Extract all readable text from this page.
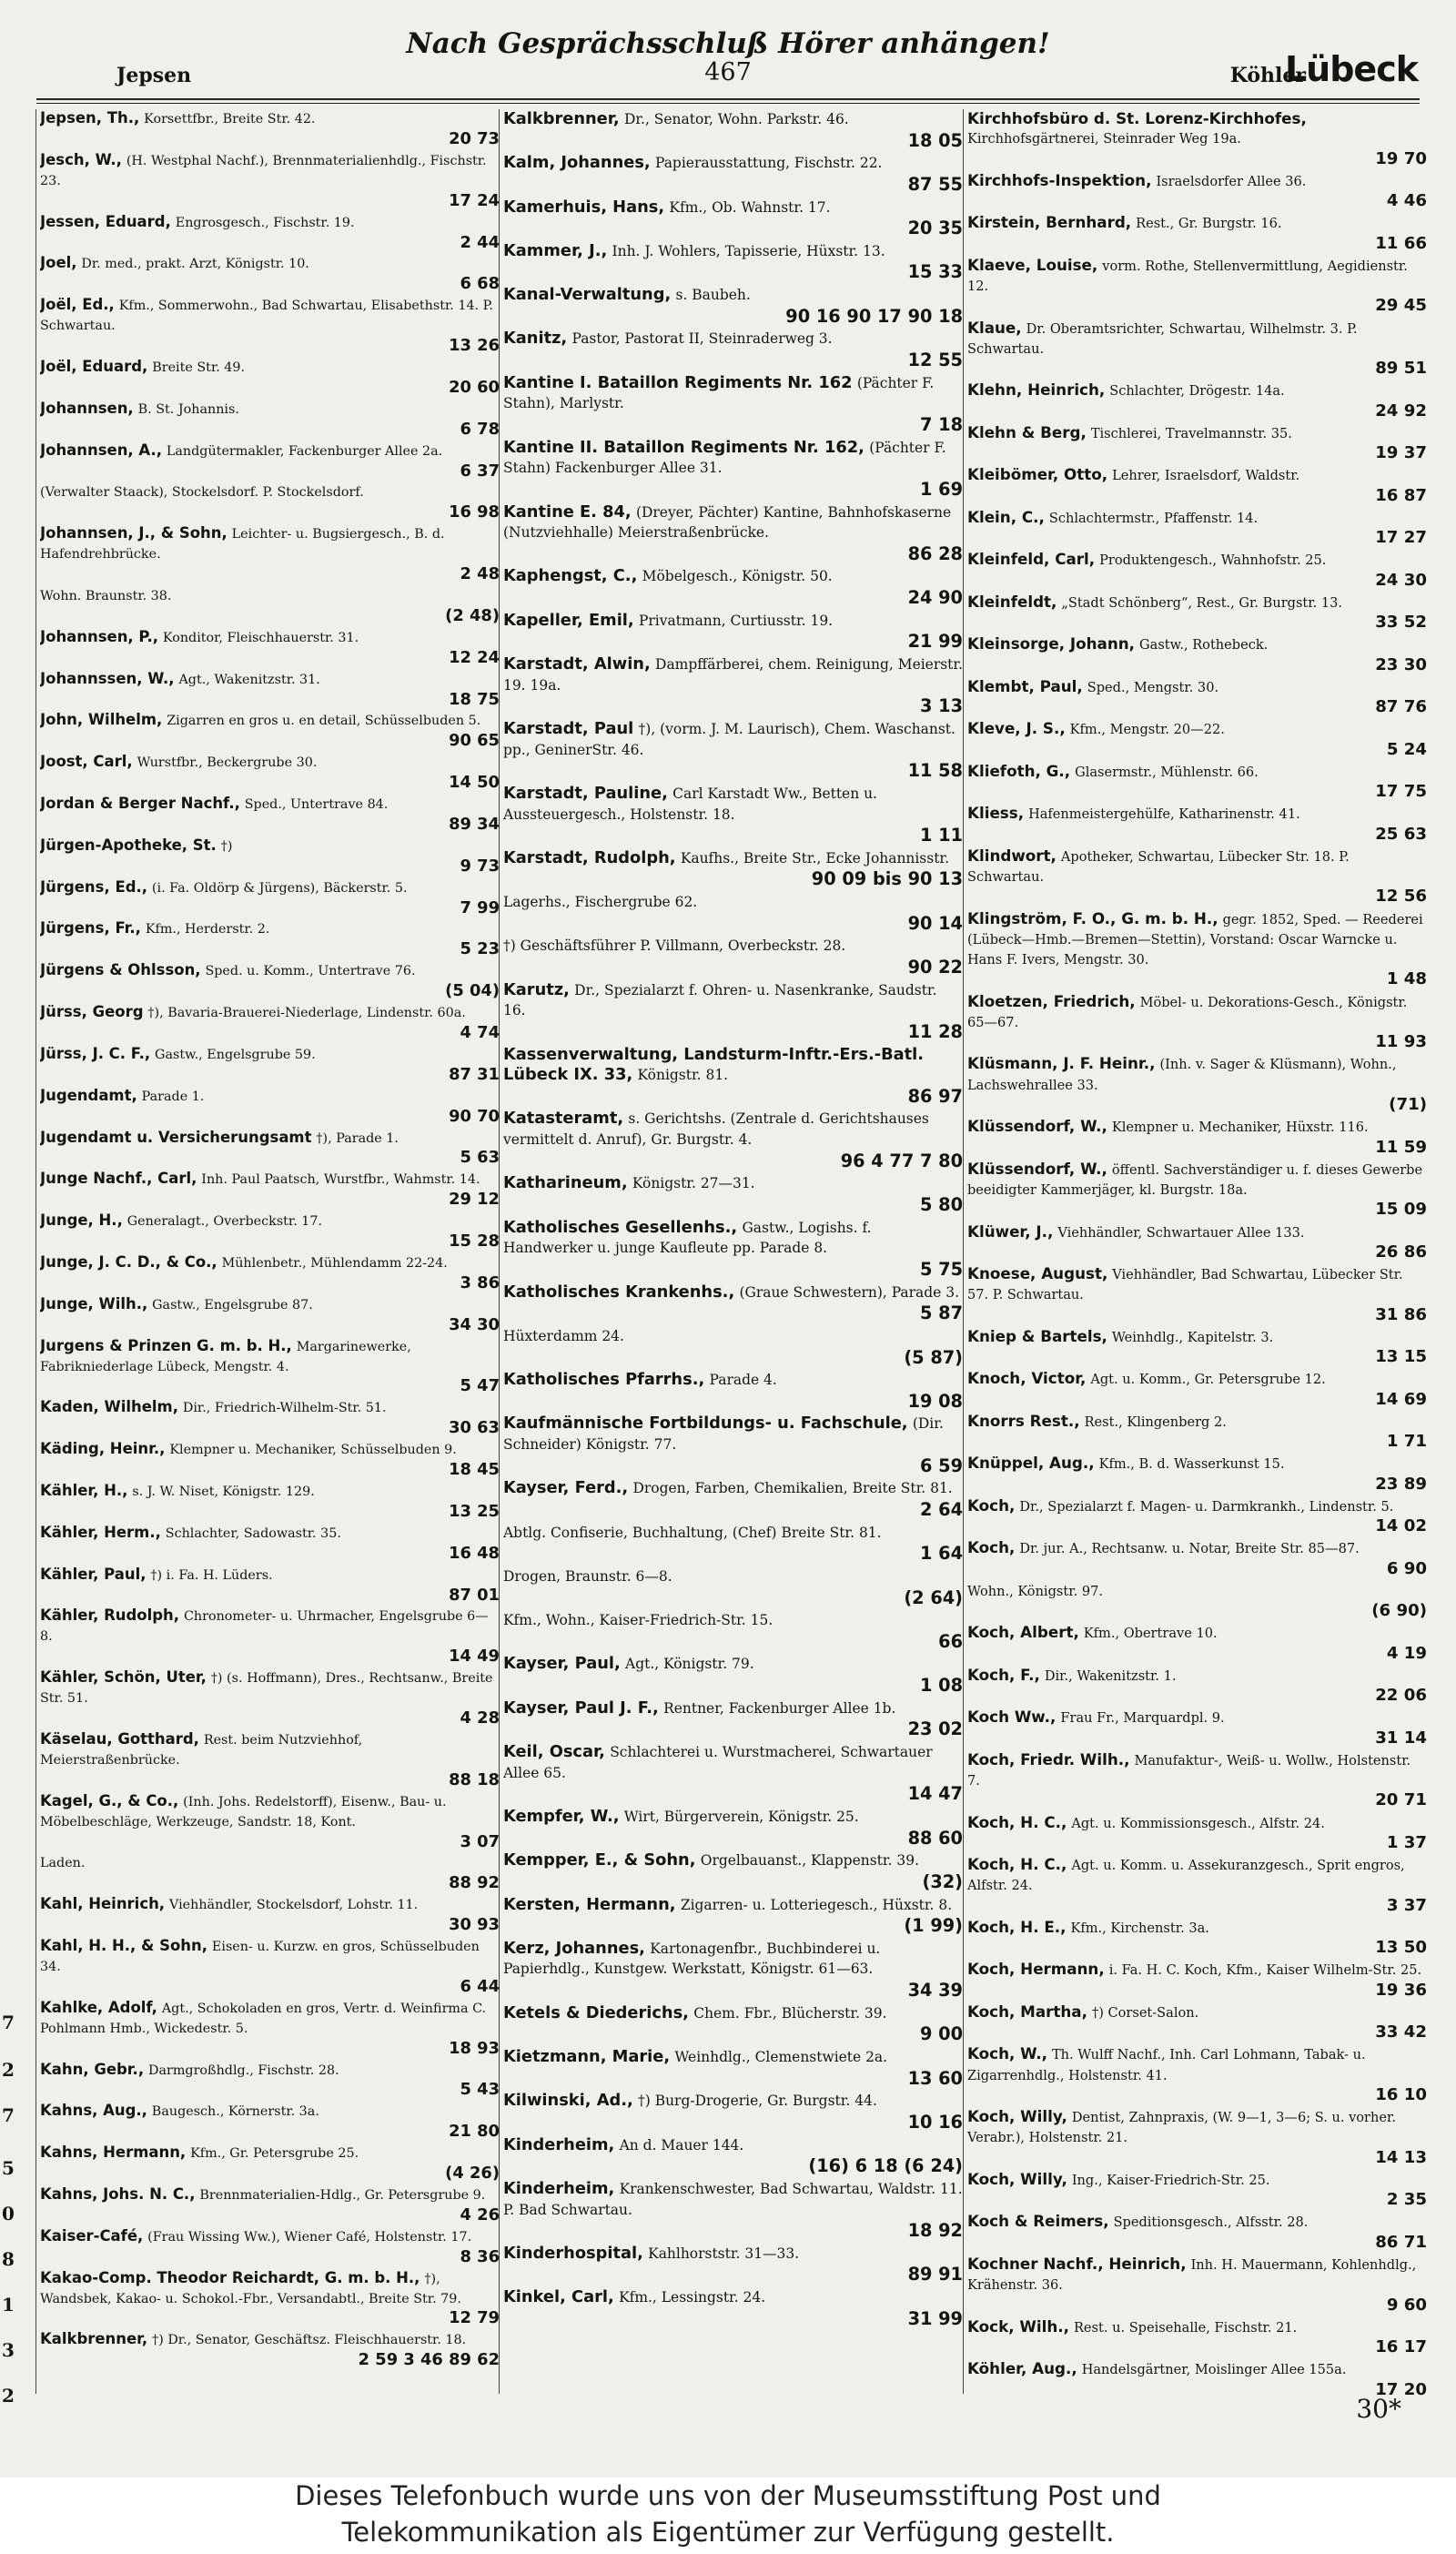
Nach Gesprächsschluß Hörer anhängen!
Jepsen	467	Köhler
Lübeck
Jepsen, Th., Korsettfbr., Breite Str. 42.
20 73
Jesch, W., (H. Westphal Nachf.), Brennmaterialienhdlg., Fischstr. 23.
17 24
Jessen, Eduard, Engrosgesch., Fischstr. 19.
2 44
Joel, Dr. med., prakt. Arzt, Königstr. 10.
6 68
Joël, Ed., Kfm., Sommerwohn., Bad Schwartau, Elisabethstr. 14. P. Schwartau.
13 26
Joël, Eduard, Breite Str. 49.
20 60
Johannsen, B. St. Johannis.
6 78
Johannsen, A., Landgütermakler, Fackenburger Allee 2a.
6 37
(Verwalter Staack), Stockelsdorf. P. Stockelsdorf.
16 98
Johannsen, J., & Sohn, Leichter- u. Bugsiergesch., B. d. Hafendrehbrücke.
2 48
Wohn. Braunstr. 38.
(2 48)
Johannsen, P., Konditor, Fleischhauerstr. 31.
12 24
Johannssen, W., Agt., Wakenitzstr. 31.
18 75
John, Wilhelm, Zigarren en gros u. en detail, Schüsselbuden 5.
90 65
Joost, Carl, Wurstfbr., Beckergrube 30.
14 50
Jordan & Berger Nachf., Sped., Untertrave 84.
89 34
Jürgen-Apotheke, St. †)
9 73
Jürgens, Ed., (i. Fa. Oldörp & Jürgens), Bäckerstr. 5.
7 99
Jürgens, Fr., Kfm., Herderstr. 2.
5 23
Jürgens & Ohlsson, Sped. u. Komm., Untertrave 76.
(5 04)
Jürss, Georg †), Bavaria-Brauerei-Niederlage, Lindenstr. 60a.
4 74
Jürss, J. C. F., Gastw., Engelsgrube 59.
87 31
Jugendamt, Parade 1.
90 70
Jugendamt u. Versicherungsamt †), Parade 1.
5 63
Junge Nachf., Carl, Inh. Paul Paatsch, Wurstfbr., Wahmstr. 14.
29 12
Junge, H., Generalagt., Overbeckstr. 17.
15 28
Junge, J. C. D., & Co., Mühlenbetr., Mühlendamm 22-24.
3 86
Junge, Wilh., Gastw., Engelsgrube 87.
34 30
Jurgens & Prinzen G. m. b. H., Margarinewerke, Fabrikniederlage Lübeck, Mengstr. 4.
5 47
Kaden, Wilhelm, Dir., Friedrich-Wilhelm-Str. 51.
30 63
Käding, Heinr., Klempner u. Mechaniker, Schüsselbuden 9.
18 45
Kähler, H., s. J. W. Niset, Königstr. 129.
13 25
Kähler, Herm., Schlachter, Sadowastr. 35.
16 48
Kähler, Paul, †) i. Fa. H. Lüders.
87 01
Kähler, Rudolph, Chronometer- u. Uhrmacher, Engelsgrube 6—8.
14 49
Kähler, Schön, Uter, †) (s. Hoffmann), Dres., Rechtsanw., Breite Str. 51.
4 28
Käselau, Gotthard, Rest. beim Nutzviehhof, Meierstraßenbrücke.
88 18
Kagel, G., & Co., (Inh. Johs. Redelstorff), Eisenw., Bau- u. Möbelbeschläge, Werkzeuge, Sandstr. 18, Kont.
3 07
Laden.
88 92
Kahl, Heinrich, Viehhändler, Stockelsdorf, Lohstr. 11.
30 93
Kahl, H. H., & Sohn, Eisen- u. Kurzw. en gros, Schüsselbuden 34.
6 44
Kahlke, Adolf, Agt., Schokoladen en gros, Vertr. d. Weinfirma C. Pohlmann Hmb., Wickedestr. 5.
18 93
Kahn, Gebr., Darmgroßhdlg., Fischstr. 28.
5 43
Kahns, Aug., Baugesch., Körnerstr. 3a.
21 80
Kahns, Hermann, Kfm., Gr. Petersgrube 25.
(4 26)
Kahns, Johs. N. C., Brennmaterialien-Hdlg., Gr. Petersgrube 9.
4 26
Kaiser-Café, (Frau Wissing Ww.), Wiener Café, Holstenstr. 17.
8 36
Kakao-Comp. Theodor Reichardt, G. m. b. H., †), Wandsbek, Kakao- u. Schokol.-Fbr., Versandabtl., Breite Str. 79.
12 79
Kalkbrenner, †) Dr., Senator, Geschäftsz. Fleischhauerstr. 18.
2 59 3 46 89 62
Kalkbrenner, Dr., Senator, Wohn. Parkstr. 46.
18 05
Kalm, Johannes, Papierausstattung, Fischstr. 22.
87 55
Kamerhuis, Hans, Kfm., Ob. Wahnstr. 17.
20 35
Kammer, J., Inh. J. Wohlers, Tapisserie, Hüxstr. 13.
15 33
Kanal-Verwaltung, s. Baubeh.
90 16 90 17 90 18
Kanitz, Pastor, Pastorat II, Steinraderweg 3.
12 55
Kantine I. Bataillon Regiments Nr. 162 (Pächter F. Stahn), Marlystr.
7 18
Kantine II. Bataillon Regiments Nr. 162, (Pächter F. Stahn) Fackenburger Allee 31.
1 69
Kantine E. 84, (Dreyer, Pächter) Kantine, Bahnhofskaserne (Nutzviehhalle) Meierstraßenbrücke.
86 28
Kaphengst, C., Möbelgesch., Königstr. 50.
24 90
Kapeller, Emil, Privatmann, Curtiusstr. 19.
21 99
Karstadt, Alwin, Dampffärberei, chem. Reinigung, Meierstr. 19. 19a.
3 13
Karstadt, Paul †), (vorm. J. M. Laurisch), Chem. Waschanst. pp., GeninerStr. 46.
11 58
Karstadt, Pauline, Carl Karstadt Ww., Betten u. Aussteuergesch., Holstenstr. 18.
1 11
Karstadt, Rudolph, Kaufhs., Breite Str., Ecke Johannisstr.
90 09 bis 90 13
Lagerhs., Fischergrube 62.
90 14
†) Geschäftsführer P. Villmann, Overbeckstr. 28.
90 22
Karutz, Dr., Spezialarzt f. Ohren- u. Nasenkranke, Saudstr. 16.
11 28
Kassenverwaltung, Landsturm-Inftr.-Ers.-Batl. Lübeck IX. 33, Königstr. 81.
86 97
Katasteramt, s. Gerichtshs. (Zentrale d. Gerichtshauses vermittelt d. Anruf), Gr. Burgstr. 4.
96 4 77 7 80
Katharineum, Königstr. 27—31.
5 80
Katholisches Gesellenhs., Gastw., Logishs. f. Handwerker u. junge Kaufleute pp. Parade 8.
5 75
Katholisches Krankenhs., (Graue Schwestern), Parade 3.
5 87
Hüxterdamm 24.
(5 87)
Katholisches Pfarrhs., Parade 4.
19 08
Kaufmännische Fortbildungs- u. Fachschule, (Dir. Schneider) Königstr. 77.
6 59
Kayser, Ferd., Drogen, Farben, Chemikalien, Breite Str. 81.
2 64
Abtlg. Confiserie, Buchhaltung, (Chef) Breite Str. 81.
1 64
Drogen, Braunstr. 6—8.
(2 64)
Kfm., Wohn., Kaiser-Friedrich-Str. 15.
66
Kayser, Paul, Agt., Königstr. 79.
1 08
Kayser, Paul J. F., Rentner, Fackenburger Allee 1b.
23 02
Keil, Oscar, Schlachterei u. Wurstmacherei, Schwartauer Allee 65.
14 47
Kempfer, W., Wirt, Bürgerverein, Königstr. 25.
88 60
Kempper, E., & Sohn, Orgelbauanst., Klappenstr. 39.
(32)
Kersten, Hermann, Zigarren- u. Lotteriegesch., Hüxstr. 8.
(1 99)
Kerz, Johannes, Kartonagenfbr., Buchbinderei u. Papierhdlg., Kunstgew. Werkstatt, Königstr. 61—63.
34 39
Ketels & Diederichs, Chem. Fbr., Blücherstr. 39.
9 00
Kietzmann, Marie, Weinhdlg., Clemenstwiete 2a.
13 60
Kilwinski, Ad., †) Burg-Drogerie, Gr. Burgstr. 44.
10 16
Kinderheim, An d. Mauer 144.
(16) 6 18 (6 24)
Kinderheim, Krankenschwester, Bad Schwartau, Waldstr. 11. P. Bad Schwartau.
18 92
Kinderhospital, Kahlhorststr. 31—33.
89 91
Kinkel, Carl, Kfm., Lessingstr. 24.
31 99
Kirchhofsbüro d. St. Lorenz-Kirchhofes, Kirchhofsgärtnerei, Steinrader Weg 19a.
19 70
Kirchhofs-Inspektion, Israelsdorfer Allee 36.
4 46
Kirstein, Bernhard, Rest., Gr. Burgstr. 16.
11 66
Klaeve, Louise, vorm. Rothe, Stellenvermittlung, Aegidienstr. 12.
29 45
Klaue, Dr. Oberamtsrichter, Schwartau, Wilhelmstr. 3. P. Schwartau.
89 51
Klehn, Heinrich, Schlachter, Drögestr. 14a.
24 92
Klehn & Berg, Tischlerei, Travelmannstr. 35.
19 37
Kleibömer, Otto, Lehrer, Israelsdorf, Waldstr.
16 87
Klein, C., Schlachtermstr., Pfaffenstr. 14.
17 27
Kleinfeld, Carl, Produktengesch., Wahnhofstr. 25.
24 30
Kleinfeldt, „Stadt Schönberg“, Rest., Gr. Burgstr. 13.
33 52
Kleinsorge, Johann, Gastw., Rothebeck.
23 30
Klembt, Paul, Sped., Mengstr. 30.
87 76
Kleve, J. S., Kfm., Mengstr. 20—22.
5 24
Kliefoth, G., Glasermstr., Mühlenstr. 66.
17 75
Kliess, Hafenmeistergehülfe, Katharinenstr. 41.
25 63
Klindwort, Apotheker, Schwartau, Lübecker Str. 18. P. Schwartau.
12 56
Klingström, F. O., G. m. b. H., gegr. 1852, Sped. — Reederei (Lübeck—Hmb.—Bremen—Stettin), Vorstand: Oscar Warncke u. Hans F. Ivers, Mengstr. 30.
1 48
Kloetzen, Friedrich, Möbel- u. Dekorations-Gesch., Königstr. 65—67.
11 93
Klüsmann, J. F. Heinr., (Inh. v. Sager & Klüsmann), Wohn., Lachswehrallee 33.
(71)
Klüssendorf, W., Klempner u. Mechaniker, Hüxstr. 116.
11 59
Klüssendorf, W., öffentl. Sachverständiger u. f. dieses Gewerbe beeidigter Kammerjäger, kl. Burgstr. 18a.
15 09
Klüwer, J., Viehhändler, Schwartauer Allee 133.
26 86
Knoese, August, Viehhändler, Bad Schwartau, Lübecker Str. 57. P. Schwartau.
31 86
Kniep & Bartels, Weinhdlg., Kapitelstr. 3.
13 15
Knoch, Victor, Agt. u. Komm., Gr. Petersgrube 12.
14 69
Knorrs Rest., Rest., Klingenberg 2.
1 71
Knüppel, Aug., Kfm., B. d. Wasserkunst 15.
23 89
Koch, Dr., Spezialarzt f. Magen- u. Darmkrankh., Lindenstr. 5.
14 02
Koch, Dr. jur. A., Rechtsanw. u. Notar, Breite Str. 85—87.
6 90
Wohn., Königstr. 97.
(6 90)
Koch, Albert, Kfm., Obertrave 10.
4 19
Koch, F., Dir., Wakenitzstr. 1.
22 06
Koch Ww., Frau Fr., Marquardpl. 9.
31 14
Koch, Friedr. Wilh., Manufaktur-, Weiß- u. Wollw., Holstenstr. 7.
20 71
Koch, H. C., Agt. u. Kommissionsgesch., Alfstr. 24.
1 37
Koch, H. C., Agt. u. Komm. u. Assekuranzgesch., Sprit engros, Alfstr. 24.
3 37
Koch, H. E., Kfm., Kirchenstr. 3a.
13 50
Koch, Hermann, i. Fa. H. C. Koch, Kfm., Kaiser Wilhelm-Str. 25.
19 36
Koch, Martha, †) Corset-Salon.
33 42
Koch, W., Th. Wulff Nachf., Inh. Carl Lohmann, Tabak- u. Zigarrenhdlg., Holstenstr. 41.
16 10
Koch, Willy, Dentist, Zahnpraxis, (W. 9—1, 3—6; S. u. vorher. Verabr.), Holstenstr. 21.
14 13
Koch, Willy, Ing., Kaiser-Friedrich-Str. 25.
2 35
Koch & Reimers, Speditionsgesch., Alfsstr. 28.
86 71
Kochner Nachf., Heinrich, Inh. H. Mauermann, Kohlenhdlg., Krähenstr. 36.
9 60
Kock, Wilh., Rest. u. Speisehalle, Fischstr. 21.
16 17
Köhler, Aug., Handelsgärtner, Moislinger Allee 155a.
17 20
7
2
7
5
0
8
1
3
2	30*
Dieses Telefonbuch wurde uns von der Museumsstiftung Post und
Telekommunikation als Eigentümer zur Verfügung gestellt.
